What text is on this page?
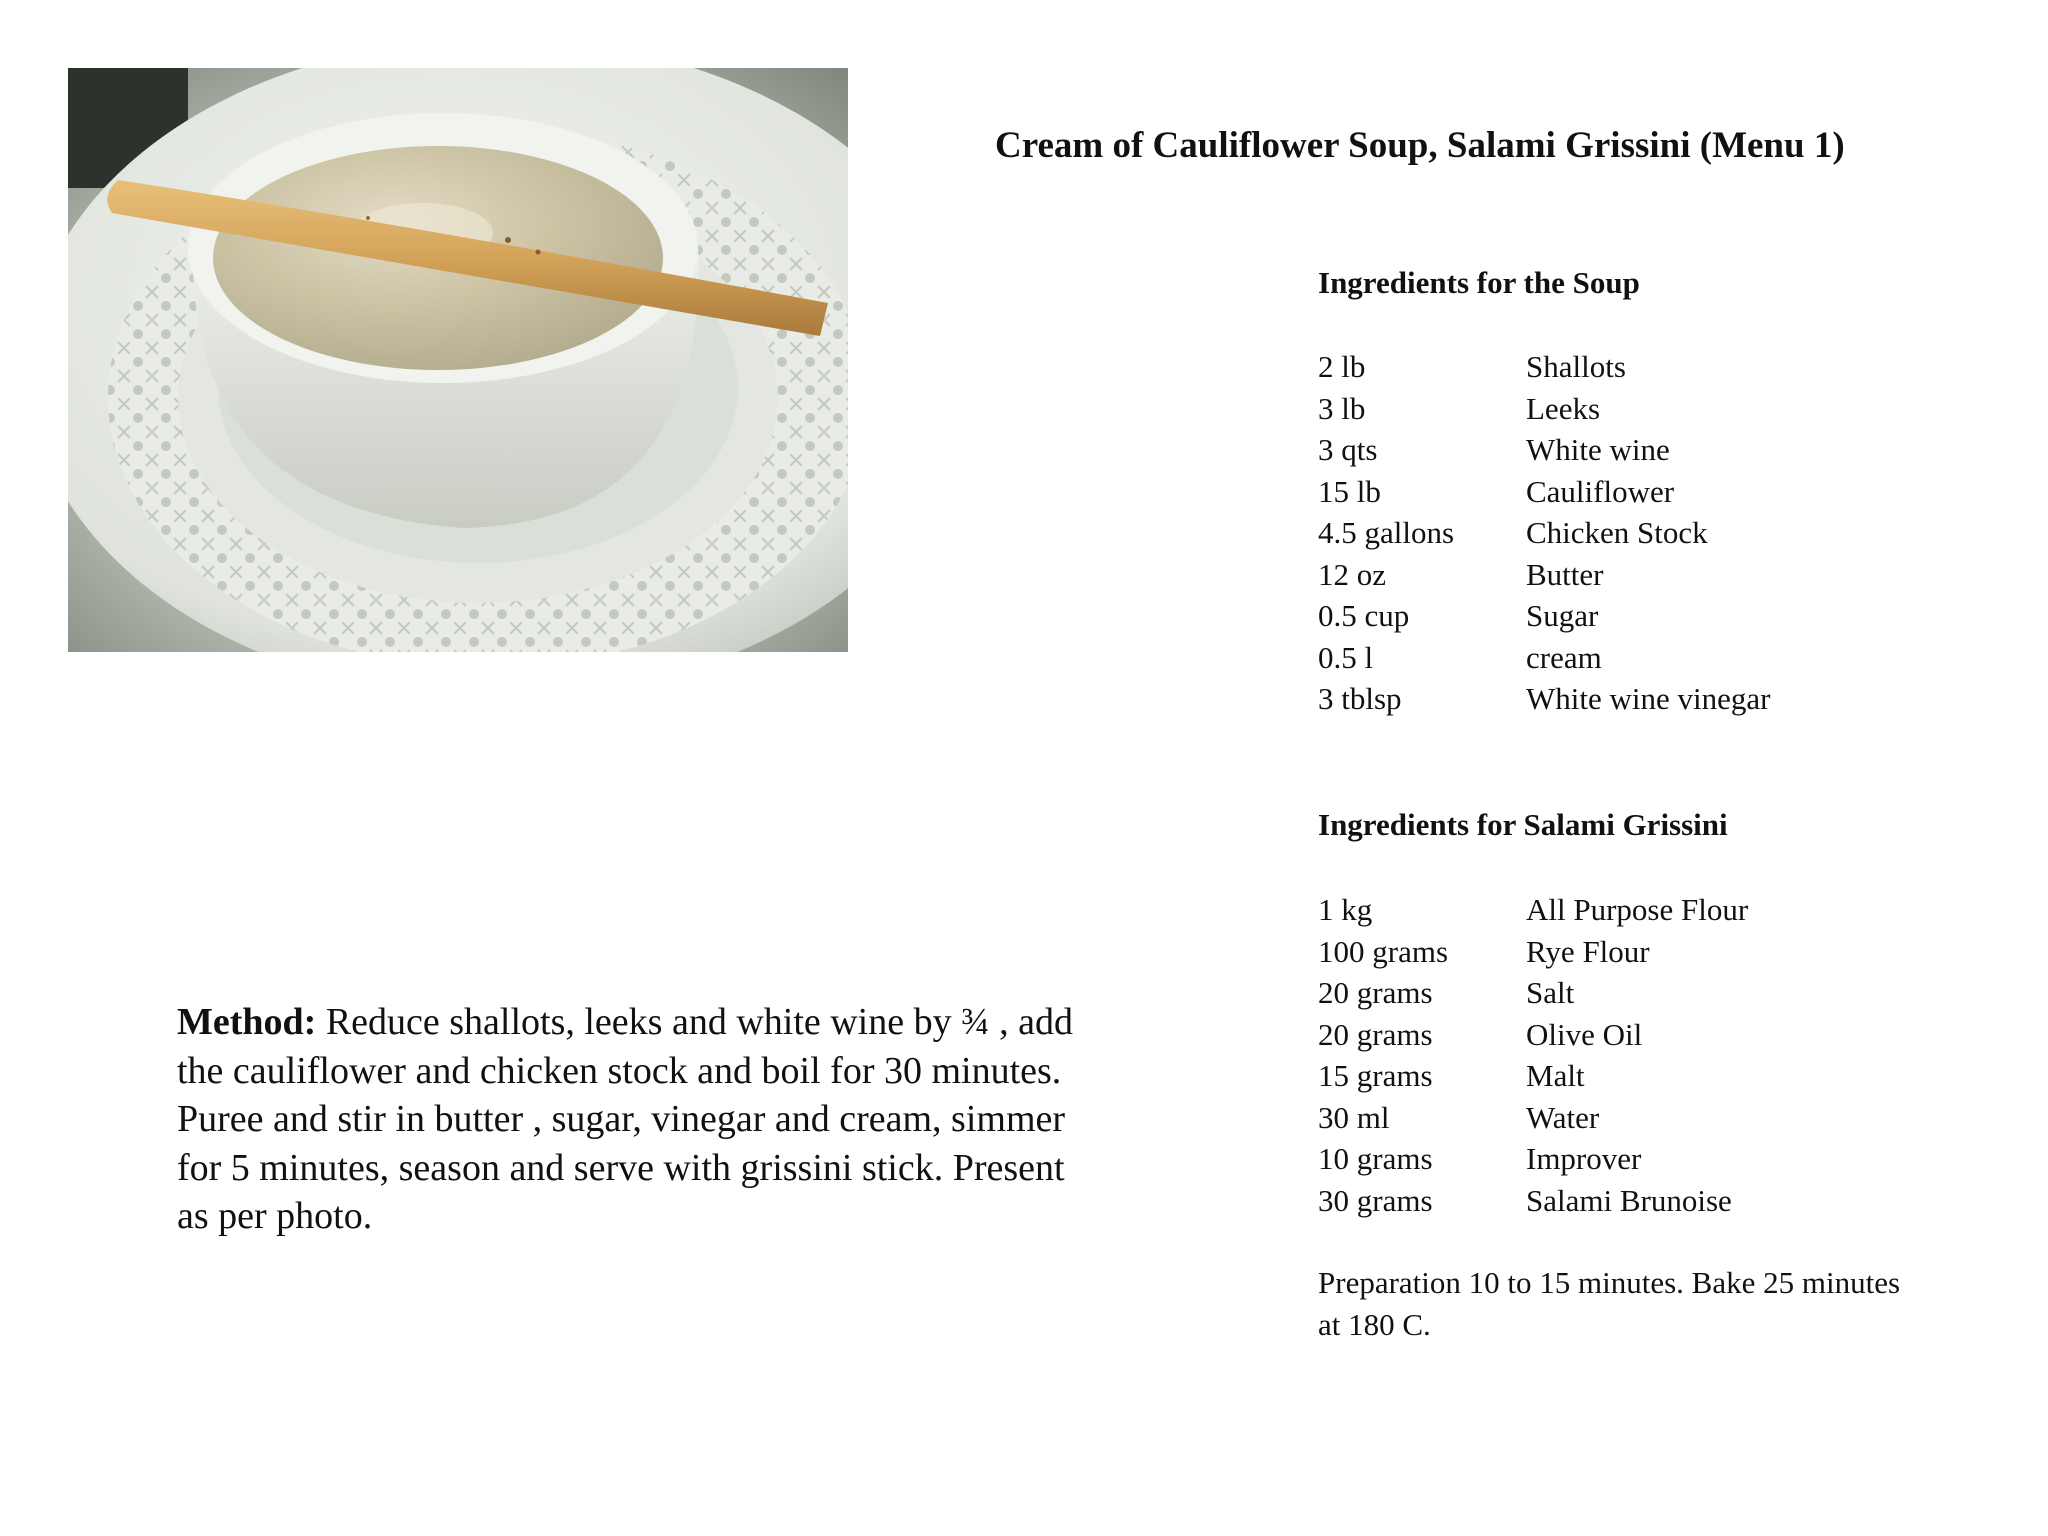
Cream of Cauliflower Soup, Salami Grissini (Menu 1)
Ingredients for the Soup
2 lb	Shallots
3 lb	Leeks
3 qts	White wine
15 lb	Cauliflower
4.5 gallons Chicken Stock
12 oz	Butter
0.5 cup	Sugar
0.5 l	cream
3 tblsp	White wine vinegar
Ingredients for Salami Grissini
1 kg	All Purpose Flour
100 grams	Rye Flour
20 grams	Salt
20 grams	Olive Oil
15 grams	Malt
30 ml	Water
10 grams	Improver
30 grams	Salami Brunoise

Method: Reduce shallots, leeks and white wine by ¾ , add the cauliflower and chicken stock and boil for 30 minutes. Puree and stir in butter , sugar, vinegar and cream, simmer for 5 minutes, season and serve with grissini stick. Present as per photo.

Preparation 10 to 15 minutes. Bake 25 minutes at 180 C.
